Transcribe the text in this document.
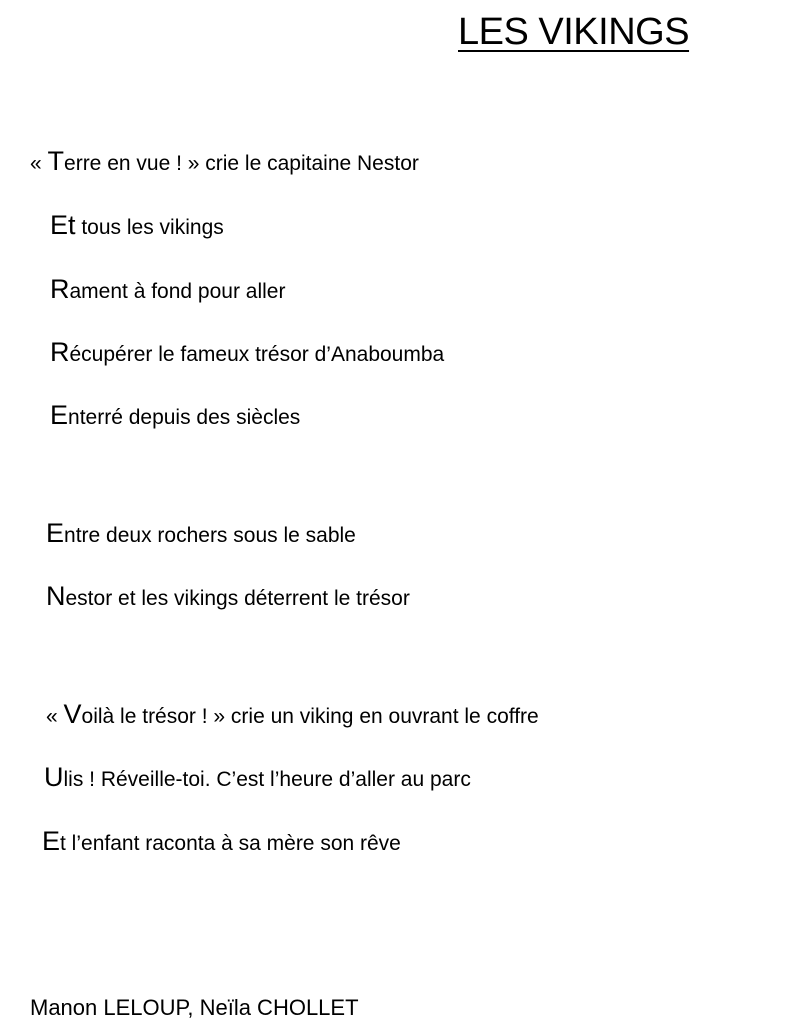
LES VIKINGS
« Terre en vue ! » crie le capitaine Nestor
Et tous les vikings
Rament à fond pour aller
Récupérer le fameux trésor d’Anaboumba
Enterré depuis des siècles
Entre deux rochers sous le sable
Nestor et les vikings déterrent le trésor
« Voilà le trésor ! » crie un viking en ouvrant le coffre
Ulis ! Réveille-toi. C’est l’heure d’aller au parc
Et l’enfant raconta à sa mère son rêve
Manon LELOUP, Neïla CHOLLET
